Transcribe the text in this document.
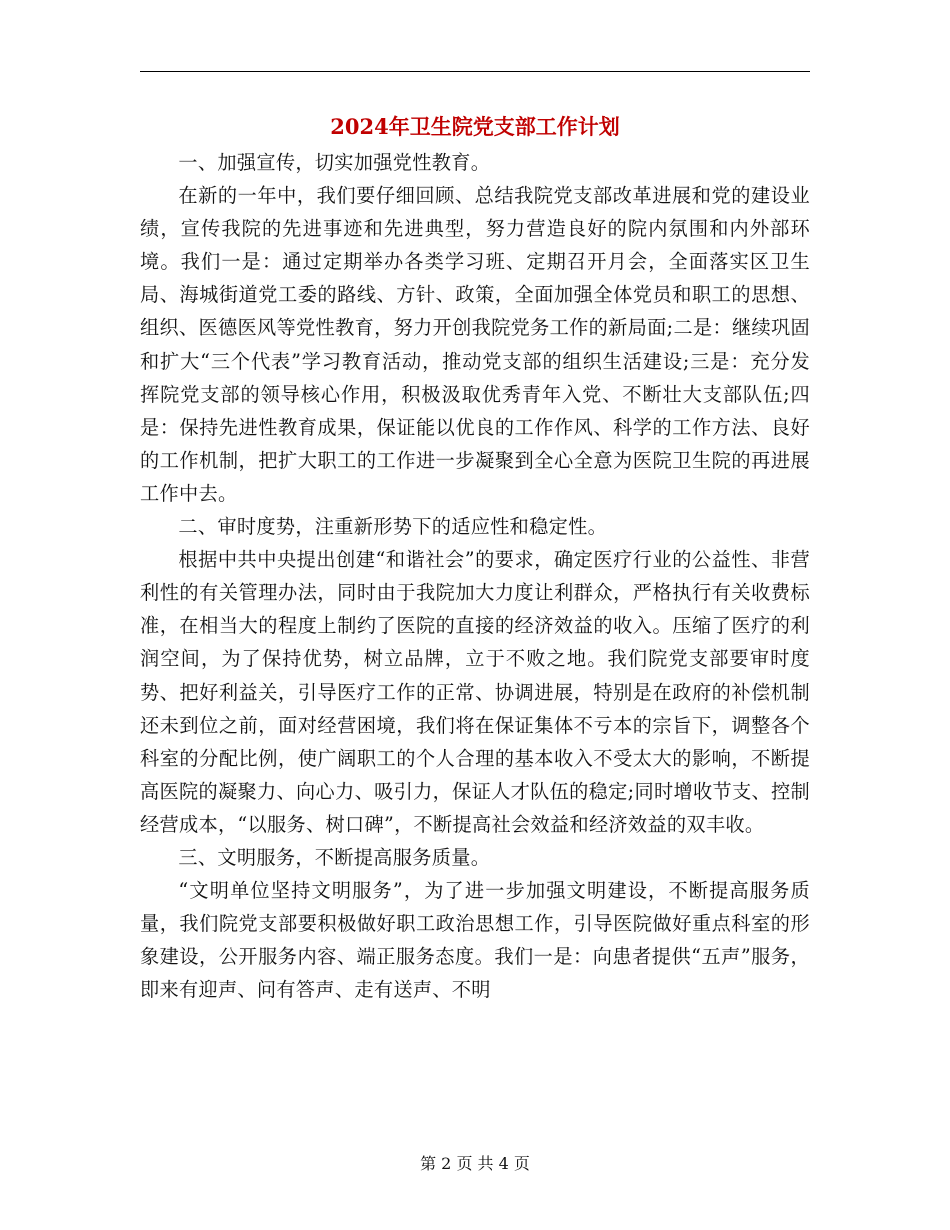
2024年卫生院党支部工作计划

一、加强宣传，切实加强党性教育。

在新的一年中，我们要仔细回顾、总结我院党支部改革进展和党的建设业绩，宣传我院的先进事迹和先进典型，努力营造良好的院内氛围和内外部环境。我们一是：通过定期举办各类学习班、定期召开月会，全面落实区卫生局、海城街道党工委的路线、方针、政策，全面加强全体党员和职工的思想、组织、医德医风等党性教育，努力开创我院党务工作的新局面;二是：继续巩固和扩大“三个代表”学习教育活动，推动党支部的组织生活建设;三是：充分发挥院党支部的领导核心作用，积极汲取优秀青年入党、不断壮大支部队伍;四是：保持先进性教育成果，保证能以优良的工作作风、科学的工作方法、良好的工作机制，把扩大职工的工作进一步凝聚到全心全意为医院卫生院的再进展工作中去。

二、审时度势，注重新形势下的适应性和稳定性。

根据中共中央提出创建“和谐社会”的要求，确定医疗行业的公益性、非营利性的有关管理办法，同时由于我院加大力度让利群众，严格执行有关收费标准，在相当大的程度上制约了医院的直接的经济效益的收入。压缩了医疗的利润空间，为了保持优势，树立品牌，立于不败之地。我们院党支部要审时度势、把好利益关，引导医疗工作的正常、协调进展，特别是在政府的补偿机制还未到位之前，面对经营困境，我们将在保证集体不亏本的宗旨下，调整各个科室的分配比例，使广阔职工的个人合理的基本收入不受太大的影响，不断提高医院的凝聚力、向心力、吸引力，保证人才队伍的稳定;同时增收节支、控制经营成本，“以服务、树口碑”，不断提高社会效益和经济效益的双丰收。

三、文明服务，不断提高服务质量。

“文明单位坚持文明服务”，为了进一步加强文明建设，不断提高服务质量，我们院党支部要积极做好职工政治思想工作，引导医院做好重点科室的形象建设，公开服务内容、端正服务态度。我们一是：向患者提供“五声”服务，即来有迎声、问有答声、走有送声、不明

第 2 页 共 4 页
